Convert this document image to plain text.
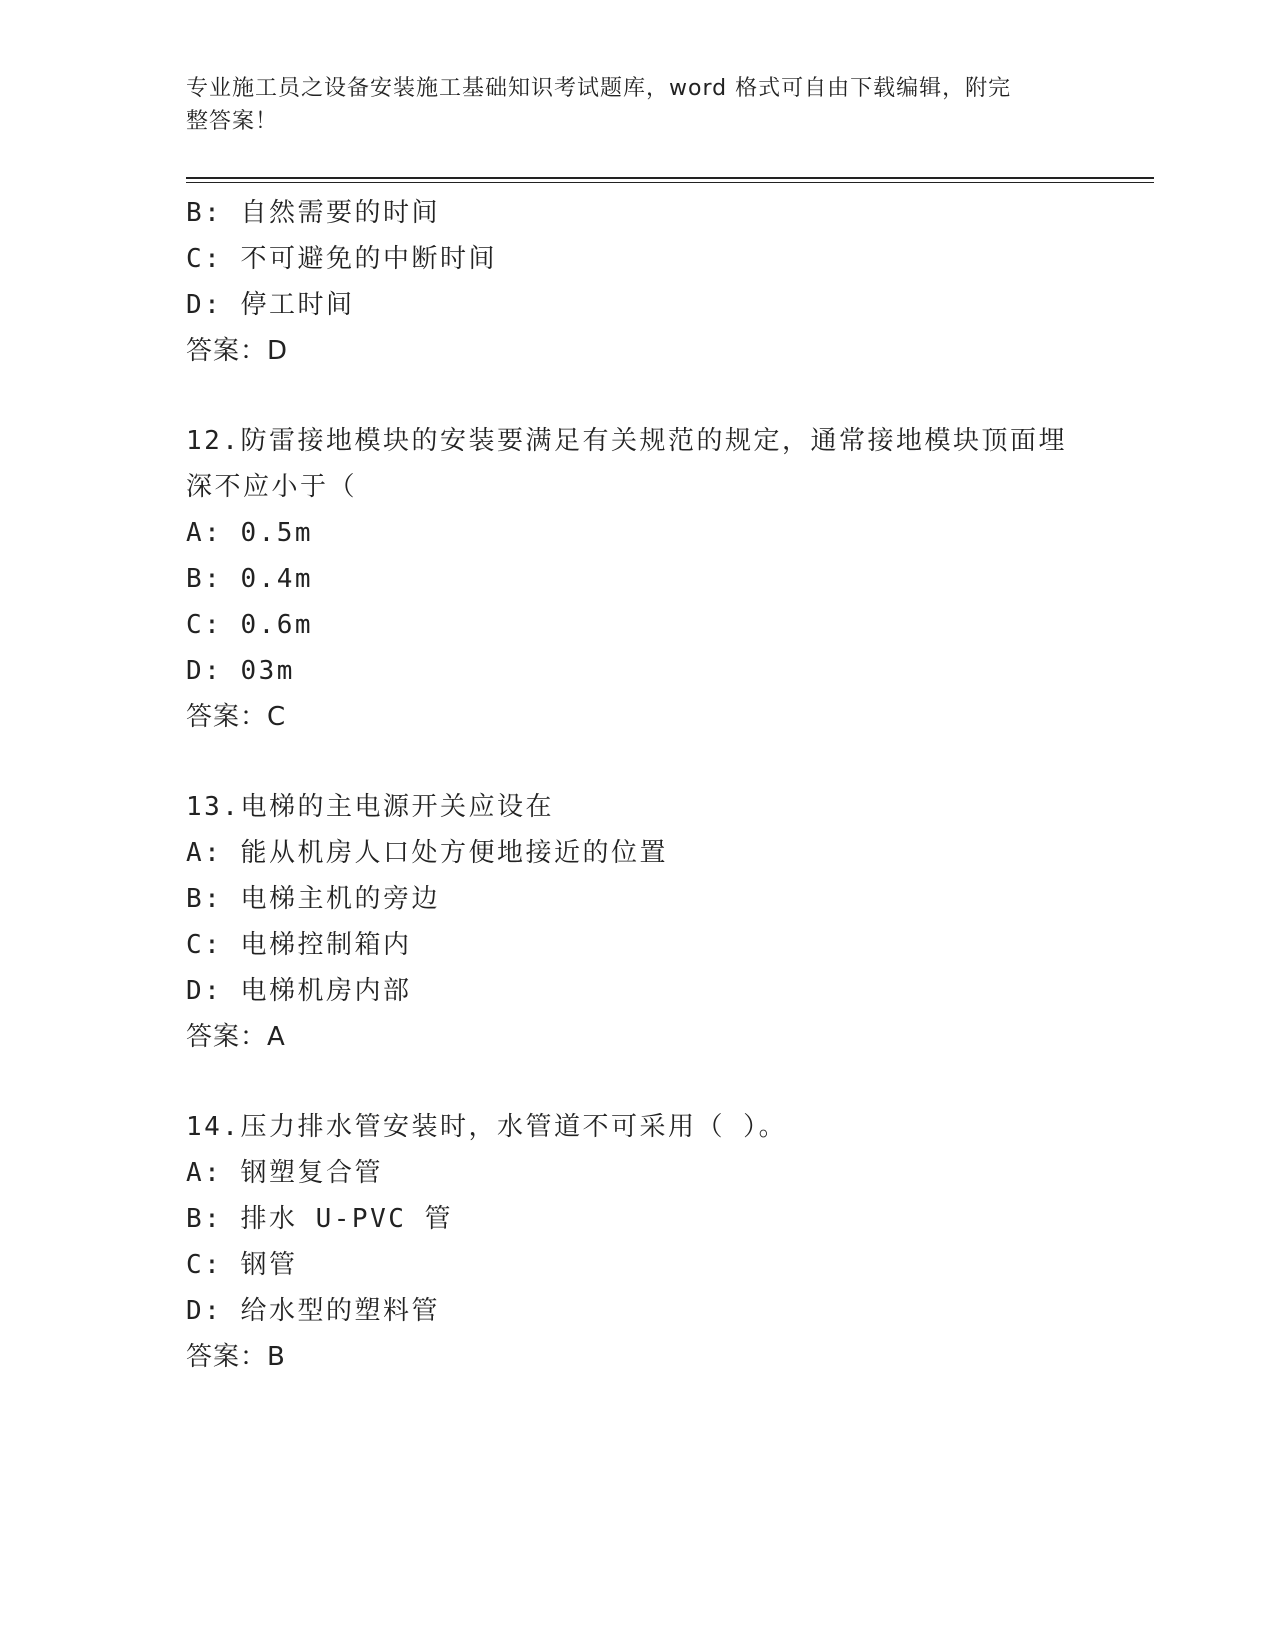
专业施工员之设备安装施工基础知识考试题库，word 格式可自由下载编辑，附完
整答案！
B: 自然需要的时间
C: 不可避免的中断时间
D: 停工时间
答案：D
12.防雷接地模块的安装要满足有关规范的规定，通常接地模块顶面埋
深不应小于（
A: 0.5m
B: 0.4m
C: 0.6m
D: 03m
答案：C
13.电梯的主电源开关应设在
A: 能从机房人口处方便地接近的位置
B: 电梯主机的旁边
C: 电梯控制箱内
D: 电梯机房内部
答案：A
14.压力排水管安装时，水管道不可采用（ ）。
A: 钢塑复合管
B: 排水 U-PVC 管
C: 钢管
D: 给水型的塑料管
答案：B
